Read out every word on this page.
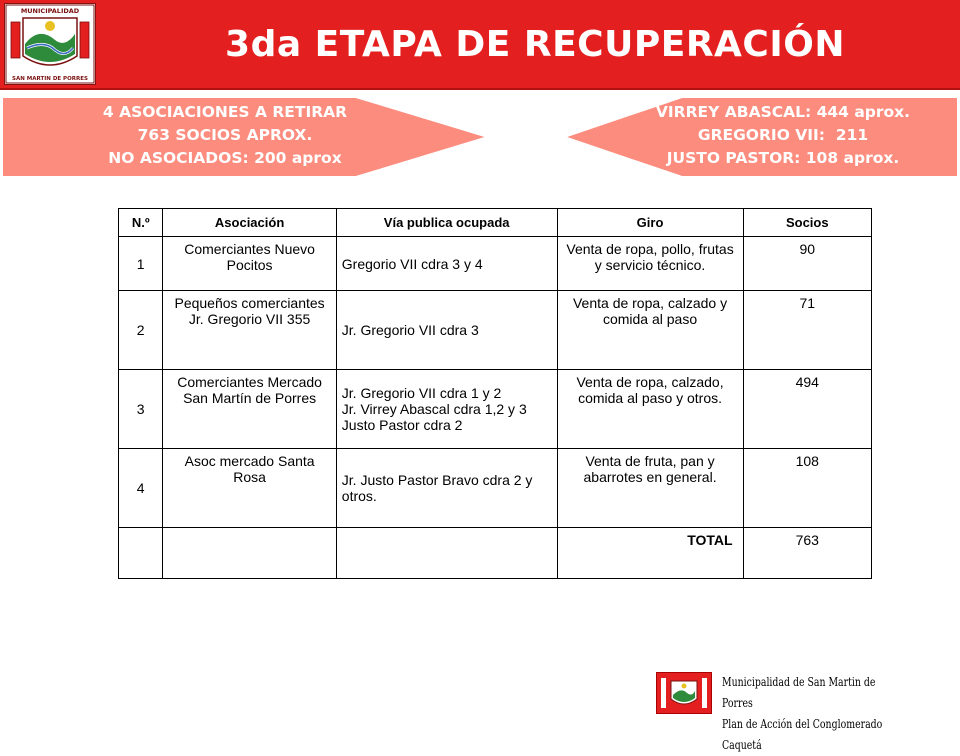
MUNICIPALIDAD
SAN MARTIN DE PORRES
3da ETAPA DE RECUPERACIÓN
4 ASOCIACIONES A RETIRAR
763 SOCIOS APROX.
NO ASOCIADOS: 200 aprox
VIRREY ABASCAL: 444 aprox.
GREGORIO VII:  211
JUSTO PASTOR: 108 aprox.
N.º	Asociación	Vía publica ocupada	Giro	Socios
1	Comerciantes Nuevo Pocitos	Gregorio VII cdra 3 y 4	Venta de ropa, pollo, frutas y servicio técnico.	90
2	Pequeños comerciantes Jr. Gregorio VII 355	Jr. Gregorio VII cdra 3	Venta de ropa, calzado y comida al paso	71
3	Comerciantes Mercado San Martín de Porres	Jr. Gregorio VII cdra 1 y 2
Jr. Virrey Abascal cdra 1,2 y 3
Justo Pastor cdra 2	Venta de ropa, calzado, comida al paso y otros.	494
4	Asoc mercado Santa Rosa	Jr. Justo Pastor Bravo cdra 2 y otros.	Venta de fruta, pan y abarrotes en general.	108
			TOTAL	763
Municipalidad de San Martin de Porres
Plan de Acción del Conglomerado Caquetá
